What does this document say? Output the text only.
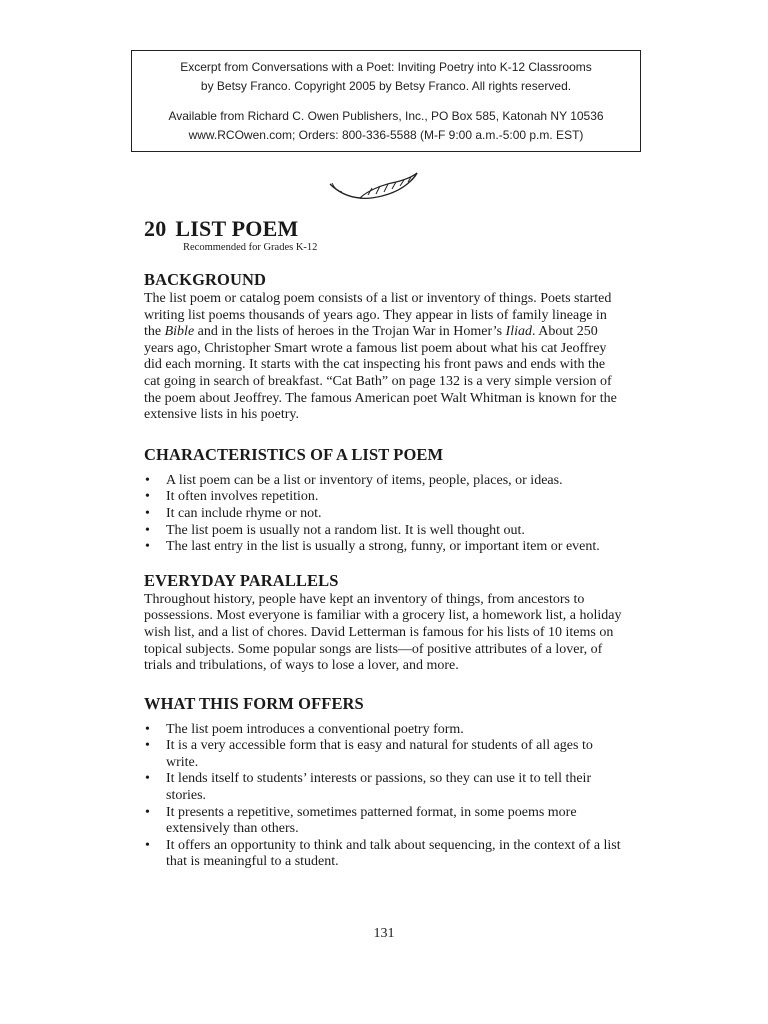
Excerpt from Conversations with a Poet: Inviting Poetry into K-12 Classrooms
by Betsy Franco. Copyright 2005 by Betsy Franco. All rights reserved.
Available from Richard C. Owen Publishers, Inc., PO Box 585, Katonah NY 10536
www.RCOwen.com; Orders: 800-336-5588 (M-F 9:00 a.m.-5:00 p.m. EST)
20 LIST POEM
Recommended for Grades K-12
BACKGROUND

The list poem or catalog poem consists of a list or inventory of things. Poets started writing list poems thousands of years ago. They appear in lists of family lineage in the Bible and in the lists of heroes in the Trojan War in Homer’s Iliad. About 250 years ago, Christopher Smart wrote a famous list poem about what his cat Jeoffrey did each morning. It starts with the cat inspecting his front paws and ends with the cat going in search of breakfast. “Cat Bath” on page 132 is a very simple version of the poem about Jeoffrey. The famous American poet Walt Whitman is known for the extensive lists in his poetry.

CHARACTERISTICS OF A LIST POEM
• A list poem can be a list or inventory of items, people, places, or ideas.
• It often involves repetition.
• It can include rhyme or not.
• The list poem is usually not a random list. It is well thought out.
• The last entry in the list is usually a strong, funny, or important item or event.
EVERYDAY PARALLELS

Throughout history, people have kept an inventory of things, from ancestors to possessions. Most everyone is familiar with a grocery list, a homework list, a holiday wish list, and a list of chores. David Letterman is famous for his lists of 10 items on topical subjects. Some popular songs are lists—of positive attributes of a lover, of trials and tribulations, of ways to lose a lover, and more.

WHAT THIS FORM OFFERS
• The list poem introduces a conventional poetry form.
• It is a very accessible form that is easy and natural for students of all ages to write.
• It lends itself to students’ interests or passions, so they can use it to tell their stories.
• It presents a repetitive, sometimes patterned format, in some poems more extensively than others.
• It offers an opportunity to think and talk about sequencing, in the context of a list that is meaningful to a student.
131
